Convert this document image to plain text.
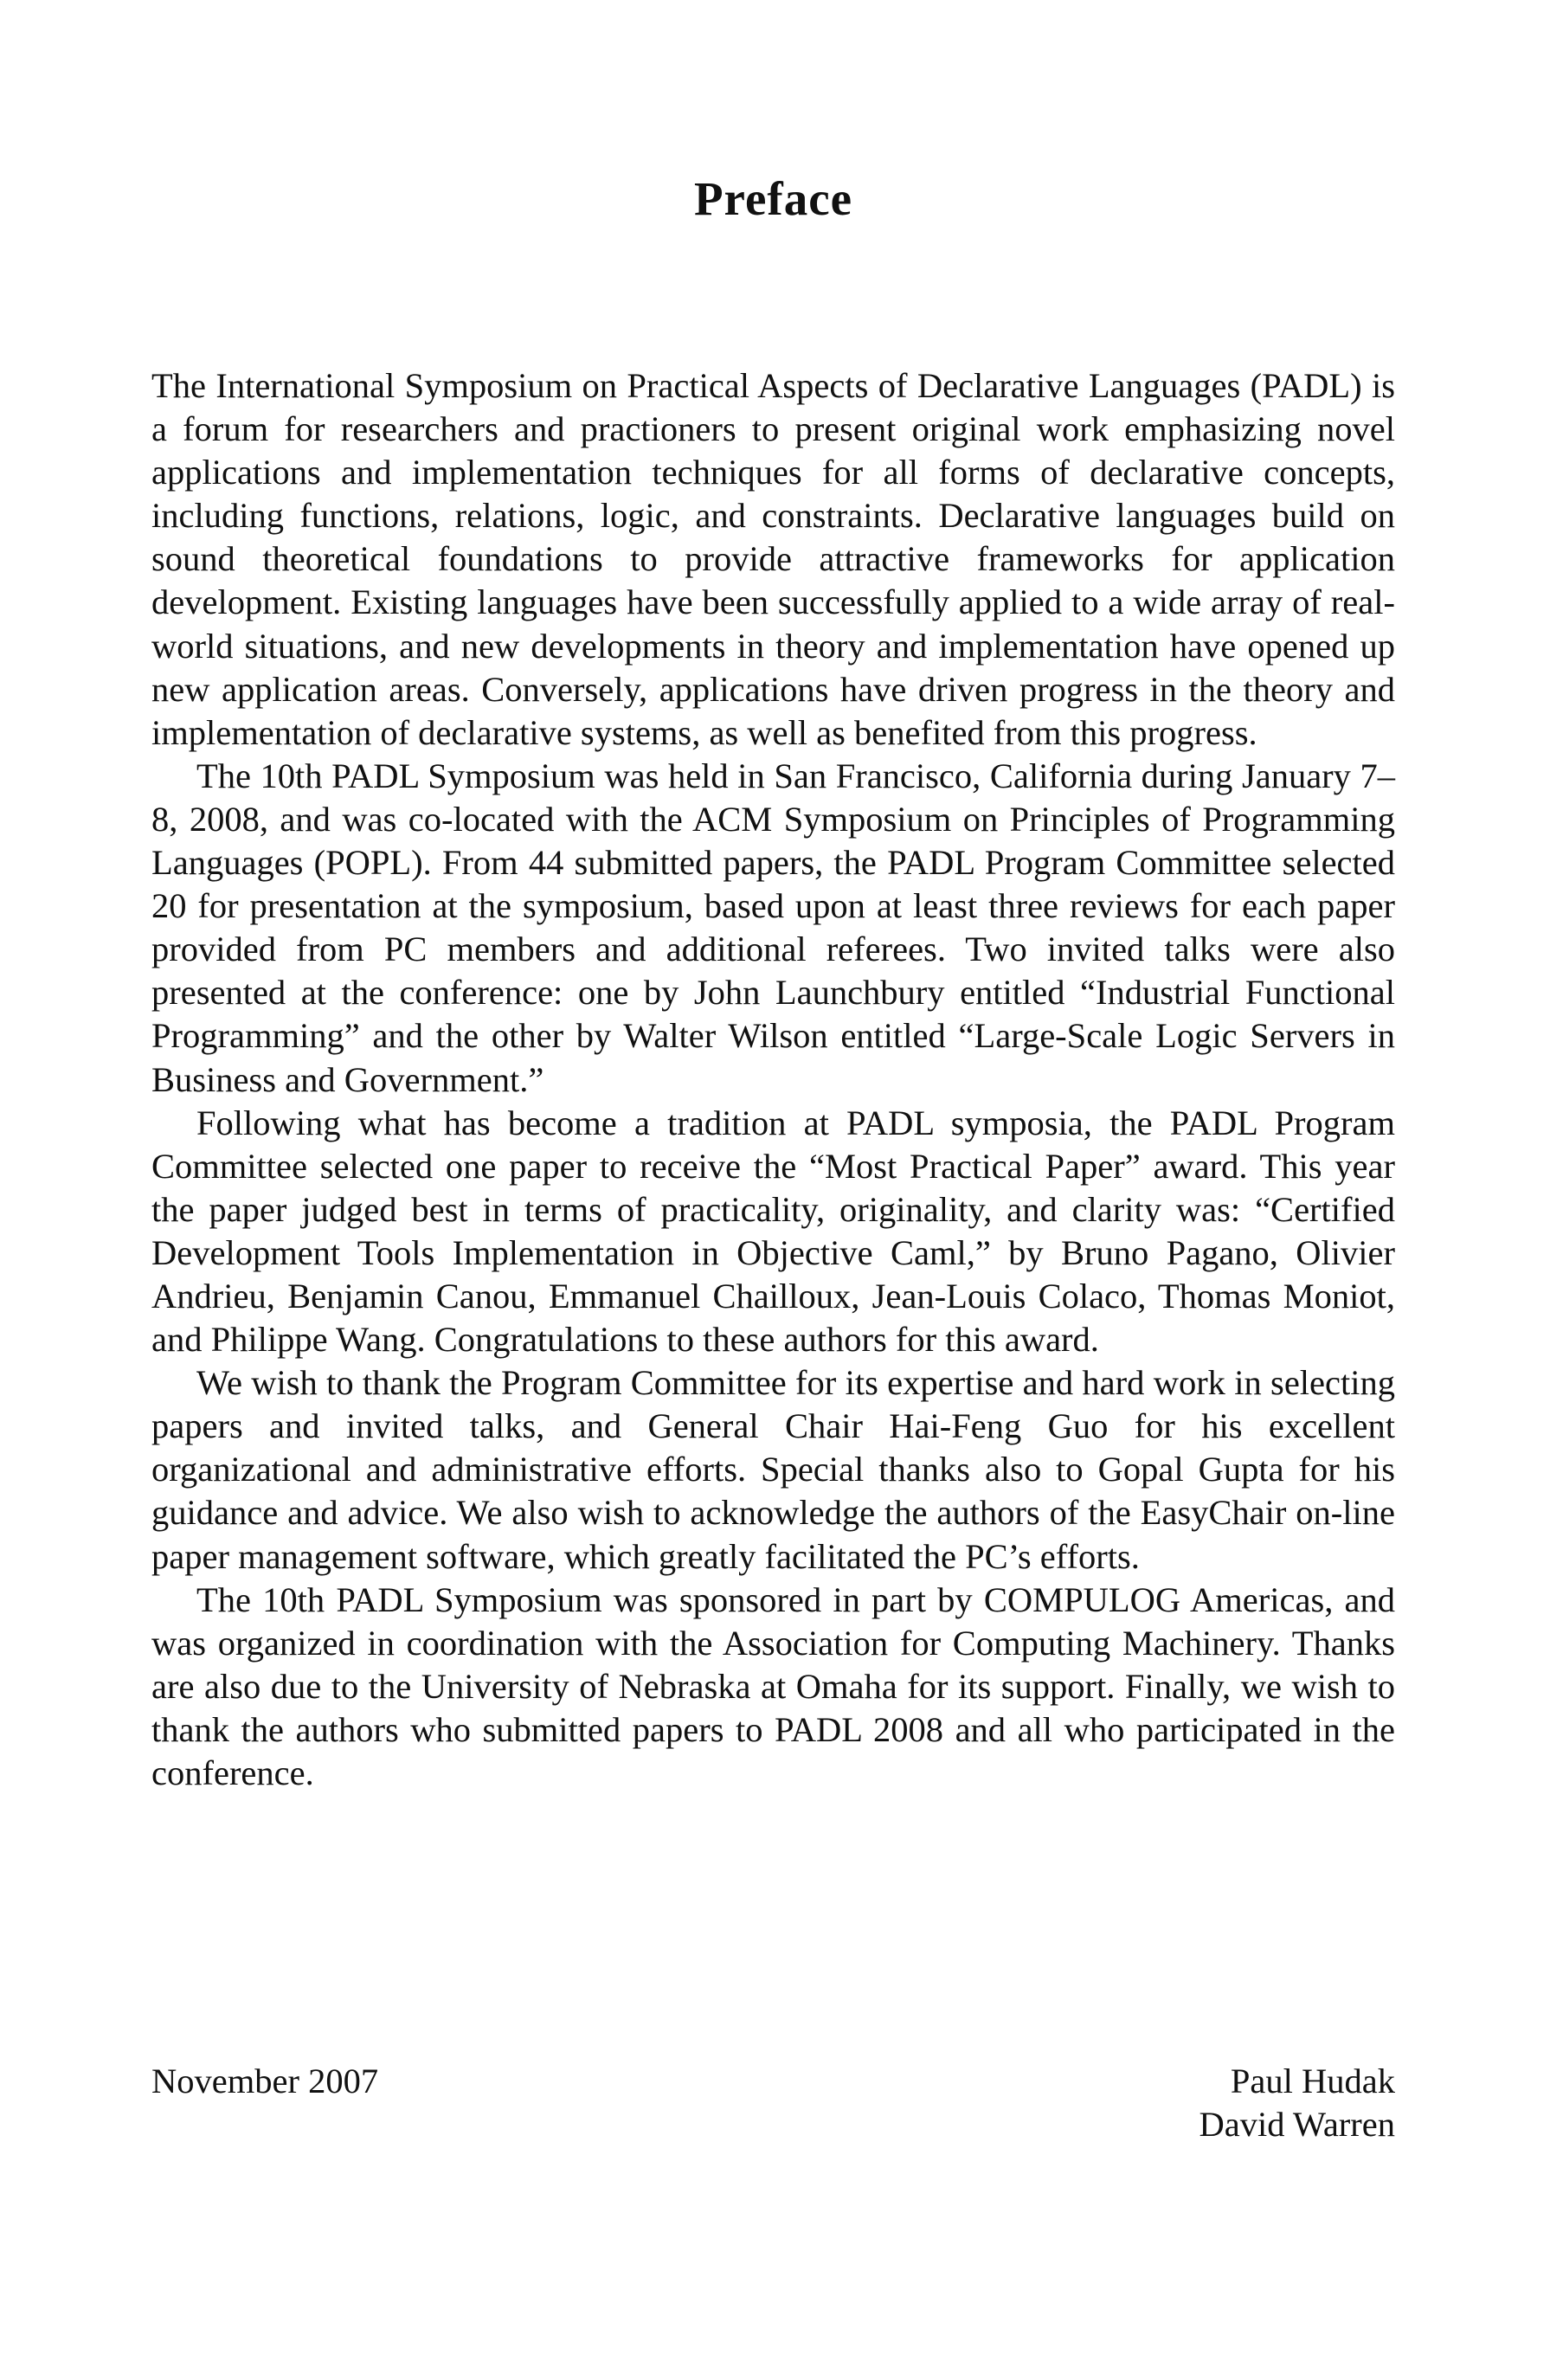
Preface

The International Symposium on Practical Aspects of Declarative Languages (PADL) is a forum for researchers and practioners to present original work emphasizing novel applications and implementation techniques for all forms of declarative concepts, including functions, relations, logic, and constraints. Declarative languages build on sound theoretical foundations to provide attractive frameworks for application development. Existing languages have been successfully applied to a wide array of real-world situations, and new developments in theory and implementation have opened up new application areas. Conversely, applications have driven progress in the theory and implementation of declarative systems, as well as benefited from this progress.

The 10th PADL Symposium was held in San Francisco, California during January 7–8, 2008, and was co-located with the ACM Symposium on Principles of Programming Languages (POPL). From 44 submitted papers, the PADL Program Committee selected 20 for presentation at the symposium, based upon at least three reviews for each paper provided from PC members and additional referees. Two invited talks were also presented at the conference: one by John Launchbury entitled “Industrial Functional Programming” and the other by Walter Wilson entitled “Large-Scale Logic Servers in Business and Government.”

Following what has become a tradition at PADL symposia, the PADL Program Committee selected one paper to receive the “Most Practical Paper” award. This year the paper judged best in terms of practicality, originality, and clarity was: “Certified Development Tools Implementation in Objective Caml,” by Bruno Pagano, Olivier Andrieu, Benjamin Canou, Emmanuel Chailloux, Jean-Louis Colaco, Thomas Moniot, and Philippe Wang. Congratulations to these authors for this award.

We wish to thank the Program Committee for its expertise and hard work in selecting papers and invited talks, and General Chair Hai-Feng Guo for his excellent organizational and administrative efforts. Special thanks also to Gopal Gupta for his guidance and advice. We also wish to acknowledge the authors of the EasyChair on-line paper management software, which greatly facilitated the PC’s efforts.

The 10th PADL Symposium was sponsored in part by COMPULOG Americas, and was organized in coordination with the Association for Computing Machinery. Thanks are also due to the University of Nebraska at Omaha for its support. Finally, we wish to thank the authors who submitted papers to PADL 2008 and all who participated in the conference.

November 2007	Paul Hudak
David Warren
